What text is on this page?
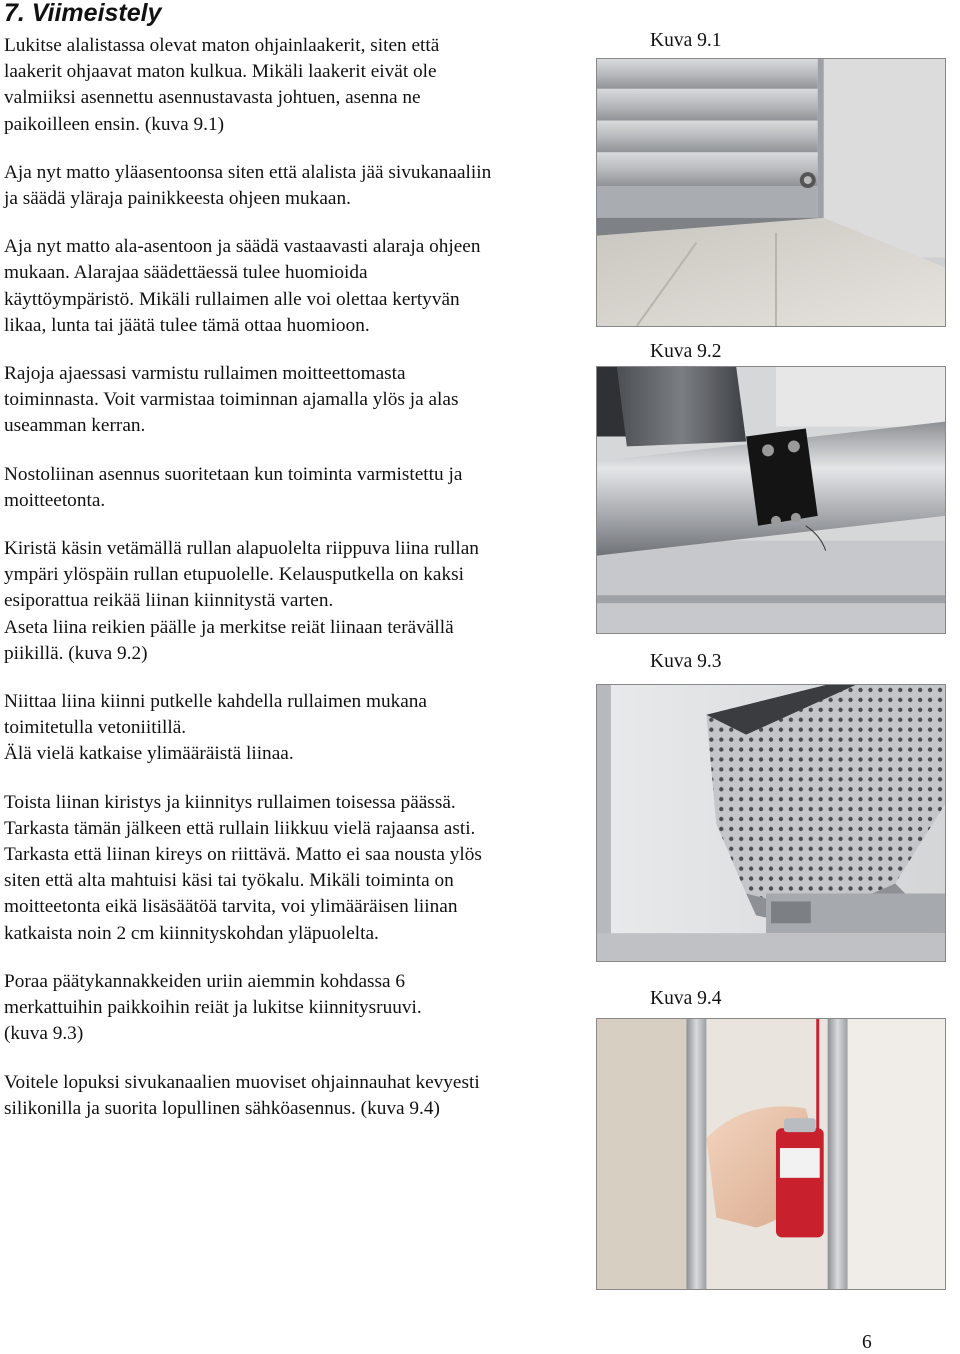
7. Viimeistely

Lukitse alalistassa olevat maton ohjainlaakerit, siten että
laakerit ohjaavat maton kulkua. Mikäli laakerit eivät ole
valmiiksi asennettu asennustavasta johtuen, asenna ne
paikoilleen ensin. (kuva 9.1)

Aja nyt matto yläasentoonsa siten että alalista jää sivukanaaliin
ja säädä yläraja painikkeesta ohjeen mukaan.

Aja nyt matto ala-asentoon ja säädä vastaavasti alaraja ohjeen
mukaan. Alarajaa säädettäessä tulee huomioida
käyttöympäristö. Mikäli rullaimen alle voi olettaa kertyvän
likaa, lunta tai jäätä tulee tämä ottaa huomioon.

Rajoja ajaessasi varmistu rullaimen moitteettomasta
toiminnasta. Voit varmistaa toiminnan ajamalla ylös ja alas
useamman kerran.

Nostoliinan asennus suoritetaan kun toiminta varmistettu ja
moitteetonta.

Kiristä käsin vetämällä rullan alapuolelta riippuva liina rullan
ympäri ylöspäin rullan etupuolelle. Kelausputkella on kaksi
esiporattua reikää liinan kiinnitystä varten.
Aseta liina reikien päälle ja merkitse reiät liinaan terävällä
piikillä. (kuva 9.2)

Niittaa liina kiinni putkelle kahdella rullaimen mukana
toimitetulla vetoniitillä.
Älä vielä katkaise ylimääräistä liinaa.

Toista liinan kiristys ja kiinnitys rullaimen toisessa päässä.
Tarkasta tämän jälkeen että rullain liikkuu vielä rajaansa asti.
Tarkasta että liinan kireys on riittävä. Matto ei saa nousta ylös
siten että alta mahtuisi käsi tai työkalu. Mikäli toiminta on
moitteetonta eikä lisäsäätöä tarvita, voi ylimääräisen liinan
katkaista noin 2 cm kiinnityskohdan yläpuolelta.

Poraa päätykannakkeiden uriin aiemmin kohdassa 6
merkattuihin paikkoihin reiät ja lukitse kiinnitysruuvi.
(kuva 9.3)

Voitele lopuksi sivukanaalien muoviset ohjainnauhat kevyesti
silikonilla ja suorita lopullinen sähköasennus. (kuva 9.4)

Kuva 9.1
Kuva 9.2
Kuva 9.3
Kuva 9.4
6
